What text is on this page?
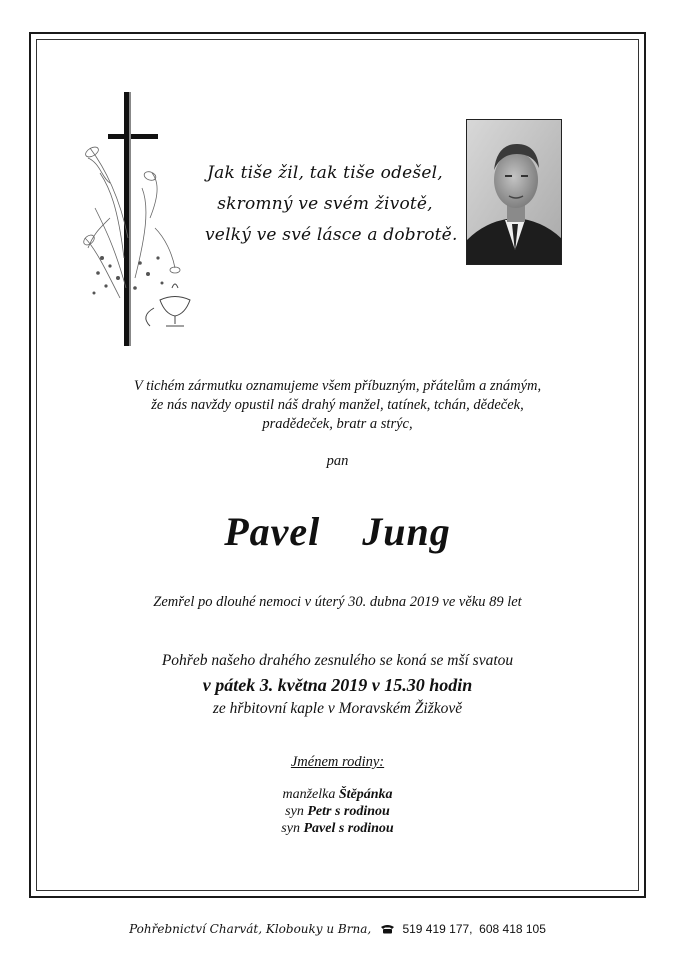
Jak tiše žil, tak tiše odešel,
skromný ve svém životě,
velký ve své lásce a dobrotě.
V tichém zármutku oznamujeme všem příbuzným, přátelům a známým,
že nás navždy opustil náš drahý manžel, tatínek, tchán, dědeček,
pradědeček, bratr a strýc,
pan
Pavel  Jung
Zemřel po dlouhé nemoci v úterý 30. dubna 2019 ve věku 89 let
Pohřeb našeho drahého zesnulého se koná se mší svatou
v pátek 3. května 2019 v 15.30 hodin
ze hřbitovní kaple v Moravském Žižkově
Jménem rodiny:
manželka Štěpánka
syn Petr s rodinou
syn Pavel s rodinou
Pohřebnictví Charvát, Klobouky u Brna,	519 419 177,  608 418 105
